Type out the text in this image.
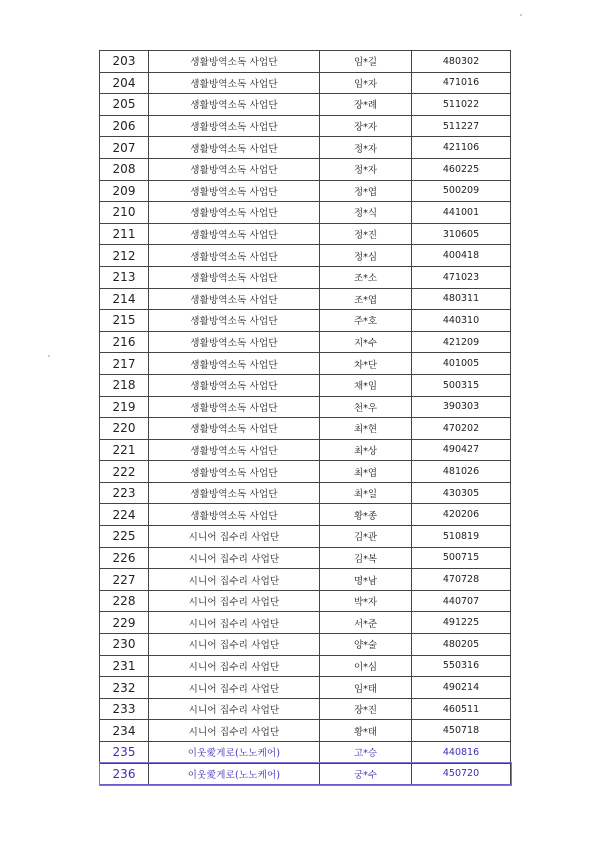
203	생활방역소독 사업단	임*길	480302
204	생활방역소독 사업단	임*자	471016
205	생활방역소독 사업단	장*례	511022
206	생활방역소독 사업단	장*자	511227
207	생활방역소독 사업단	정*자	421106
208	생활방역소독 사업단	정*자	460225
209	생활방역소독 사업단	정*엽	500209
210	생활방역소독 사업단	정*식	441001
211	생활방역소독 사업단	정*진	310605
212	생활방역소독 사업단	정*심	400418
213	생활방역소독 사업단	조*소	471023
214	생활방역소독 사업단	조*엽	480311
215	생활방역소독 사업단	주*호	440310
216	생활방역소독 사업단	지*수	421209
217	생활방역소독 사업단	차*단	401005
218	생활방역소독 사업단	채*임	500315
219	생활방역소독 사업단	천*우	390303
220	생활방역소독 사업단	최*현	470202
221	생활방역소독 사업단	최*상	490427
222	생활방역소독 사업단	최*엽	481026
223	생활방역소독 사업단	최*일	430305
224	생활방역소독 사업단	황*종	420206
225	시니어 집수리 사업단	김*관	510819
226	시니어 집수리 사업단	김*복	500715
227	시니어 집수리 사업단	명*남	470728
228	시니어 집수리 사업단	박*자	440707
229	시니어 집수리 사업단	서*준	491225
230	시니어 집수리 사업단	양*술	480205
231	시니어 집수리 사업단	이*심	550316
232	시니어 집수리 사업단	임*태	490214
233	시니어 집수리 사업단	장*진	460511
234	시니어 집수리 사업단	황*태	450718
235	이웃愛게로(노노케어)	고*승	440816
236	이웃愛게로(노노케어)	궁*수	450720
